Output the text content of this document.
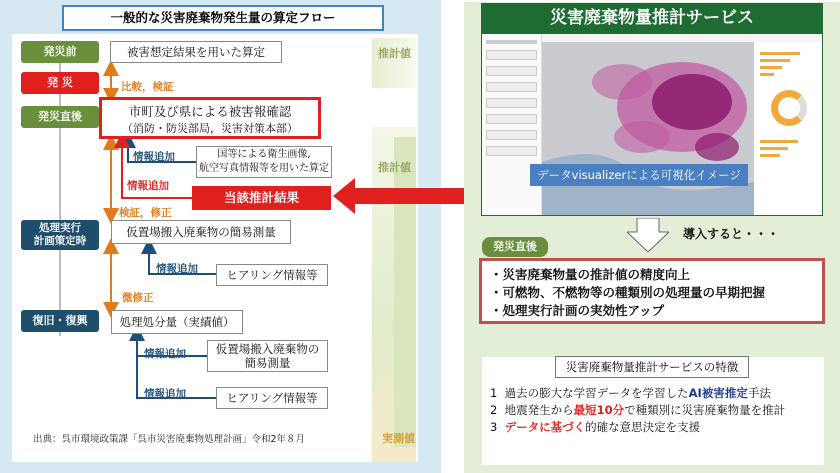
一般的な災害廃棄物発生量の算定フロー
推計値
推計値
実測値
発災前
発 災
発災直後
処理実行
計画策定時
復旧・復興
被害想定結果を用いた算定
市町及び県による被害報確認
（消防・防災部局，災害対策本部）
国等による衛生画像,
航空写真情報等を用いた算定
当該推計結果
仮置場搬入廃棄物の簡易測量
ヒアリング情報等
処理処分量（実績値）
仮置場搬入廃棄物の
簡易測量
ヒアリング情報等
比較，検証
情報追加
情報追加
検証，修正
情報追加
微修正
情報追加
情報追加
出典：呉市環境政策課「呉市災害廃棄物処理計画」令和2年８月
災害廃棄物量推計サービス
データvisualizerによる可視化イメージ
導入すると・・・
発災直後
・災害廃棄物量の推計値の精度向上
・可燃物、不燃物等の種類別の処理量の早期把握
・処理実行計画の実効性アップ
災害廃棄物量推計サービスの特徴
1 過去の膨大な学習データを学習したAI被害推定手法
2 地震発生から最短10分で種類別に災害廃棄物量を推計
3 データに基づく的確な意思決定を支援
